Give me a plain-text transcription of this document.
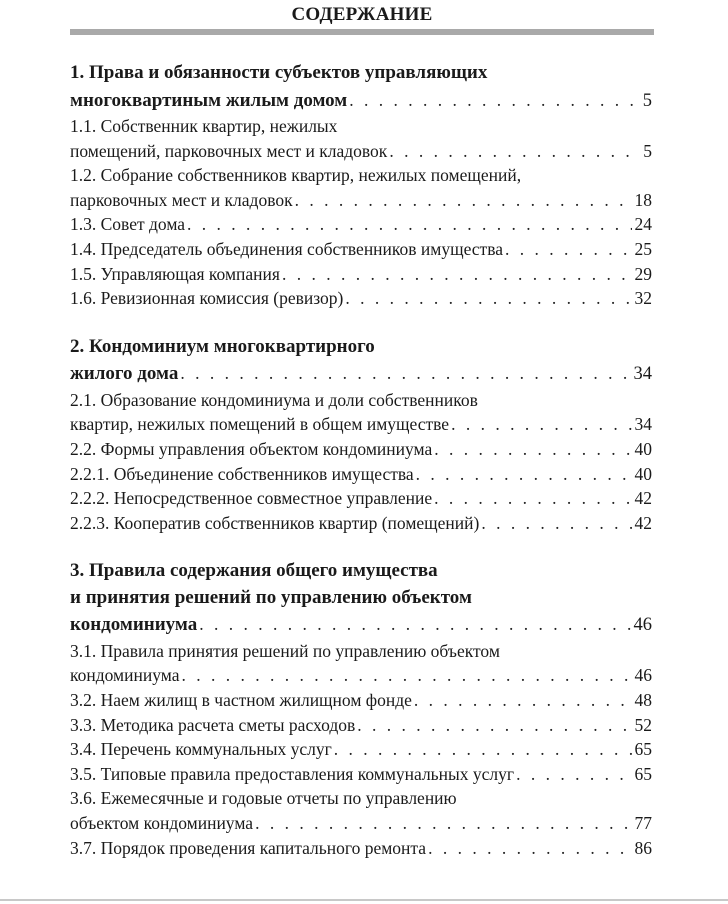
СОДЕРЖАНИЕ
1. Права и обязанности субъектов управляющих
многоквартиным жилым домом . . .	5
1.1. Собственник квартир, нежилых
помещений, парковочных мест и кладовок . . .	5
1.2. Собрание собственников квартир, нежилых помещений,
парковочных мест и кладовок . . .	18
1.3. Совет дома . . .	24
1.4. Председатель объединения собственников имущества . . .	25
1.5. Управляющая компания . . .	29
1.6. Ревизионная комиссия (ревизор) . . .	32
2. Кондоминиум многоквартирного
жилого дома . . .	34
2.1. Образование кондоминиума и доли собственников
квартир, нежилых помещений в общем имуществе . . .	34
2.2. Формы управления объектом кондоминиума . . .	40
2.2.1. Объединение собственников имущества . . .	40
2.2.2. Непосредственное совместное управление . . .	42
2.2.3. Кооператив собственников квартир (помещений) . . .	42
3. Правила содержания общего имущества
и принятия решений по управлению объектом
кондоминиума . . .	46
3.1. Правила принятия решений по управлению объектом
кондоминиума . . .	46
3.2. Наем жилищ в частном жилищном фонде . . .	48
3.3. Методика расчета сметы расходов . . .	52
3.4. Перечень коммунальных услуг . . .	65
3.5. Типовые правила предоставления коммунальных услуг . . .	65
3.6. Ежемесячные и годовые отчеты по управлению
объектом кондоминиума . . .	77
3.7. Порядок проведения капитального ремонта . . .	86
